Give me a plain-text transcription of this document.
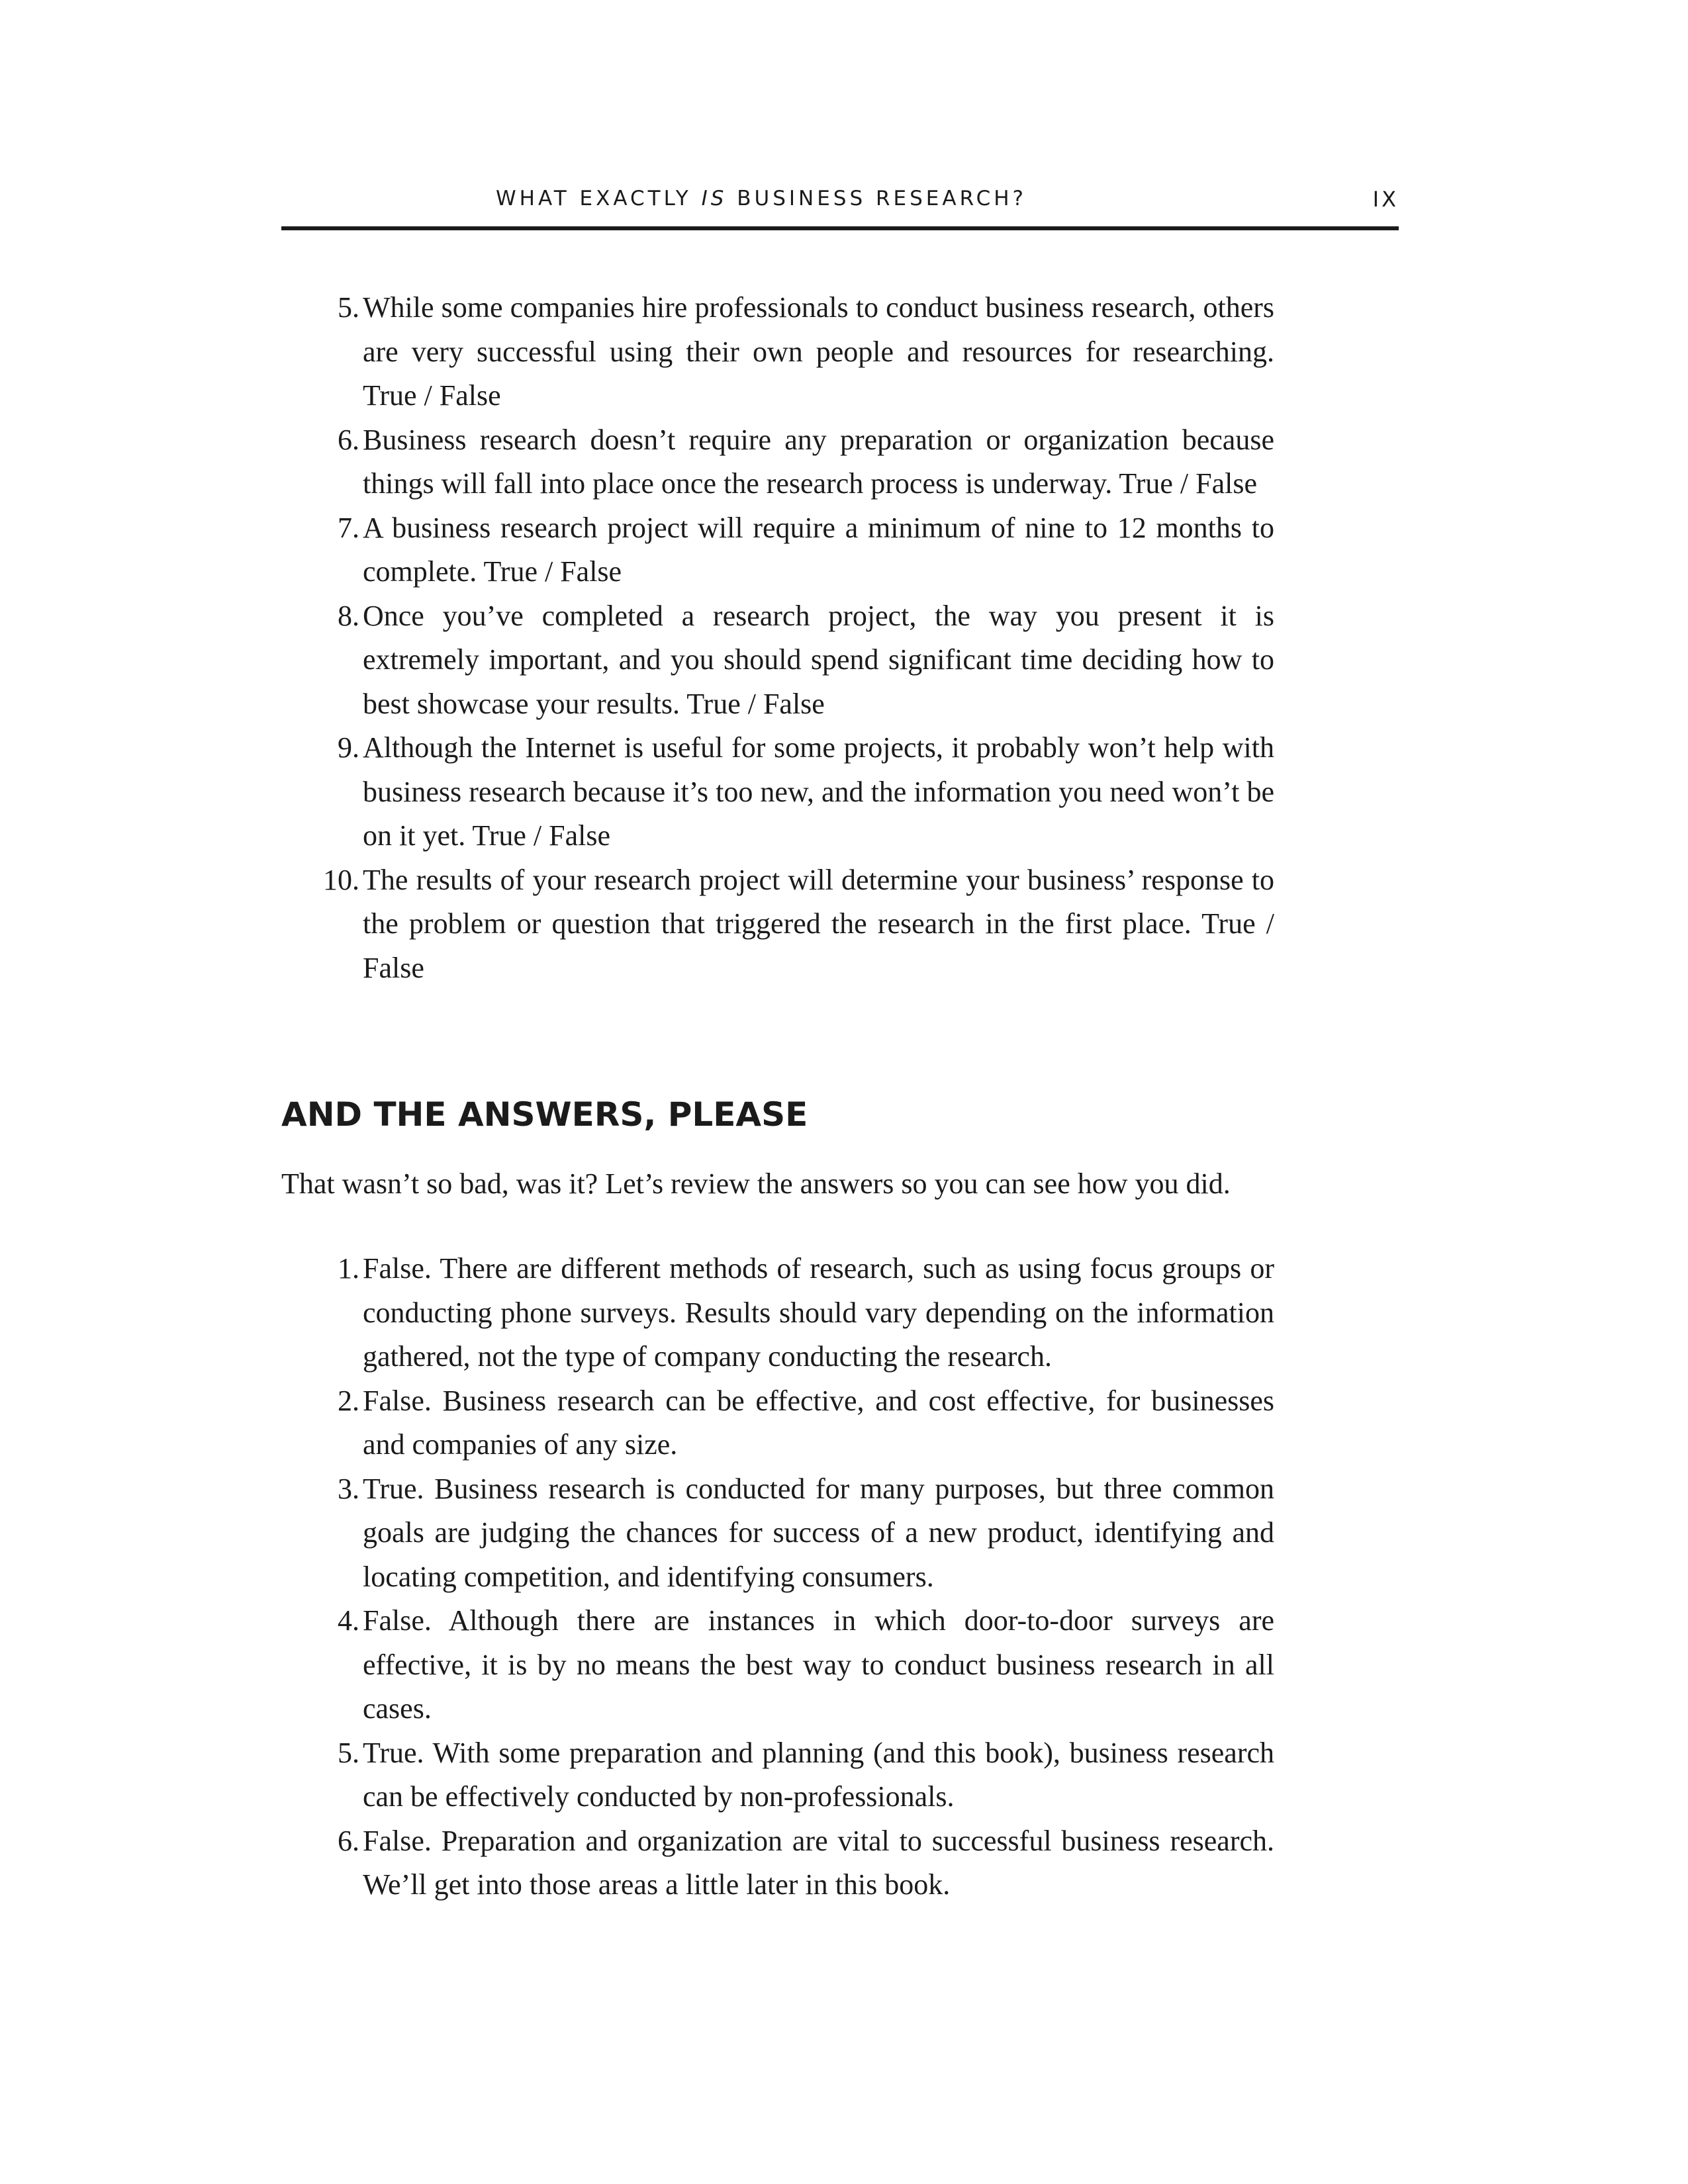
WHAT EXACTLY IS BUSINESS RESEARCH?	IX
5. While some companies hire professionals to conduct business research, others are very successful using their own people and resources for researching. True / False
6. Business research doesn’t require any preparation or organization because things will fall into place once the research process is underway. True / False
7. A business research project will require a minimum of nine to 12 months to complete. True / False
8. Once you’ve completed a research project, the way you present it is extremely important, and you should spend significant time deciding how to best showcase your results. True / False
9. Although the Internet is useful for some projects, it probably won’t help with business research because it’s too new, and the information you need won’t be on it yet. True / False
10. The results of your research project will determine your business’ response to the problem or question that triggered the research in the first place. True / False
AND THE ANSWERS, PLEASE

That wasn’t so bad, was it? Let’s review the answers so you can see how you did.

1. False. There are different methods of research, such as using focus groups or conducting phone surveys. Results should vary depending on the information gathered, not the type of company conducting the research.
2. False. Business research can be effective, and cost effective, for businesses and companies of any size.
3. True. Business research is conducted for many purposes, but three common goals are judging the chances for success of a new product, identifying and locating competition, and identifying consumers.
4. False. Although there are instances in which door-to-door surveys are effective, it is by no means the best way to conduct business research in all cases.
5. True. With some preparation and planning (and this book), business research can be effectively conducted by non-professionals.
6. False. Preparation and organization are vital to successful business research. We’ll get into those areas a little later in this book.
